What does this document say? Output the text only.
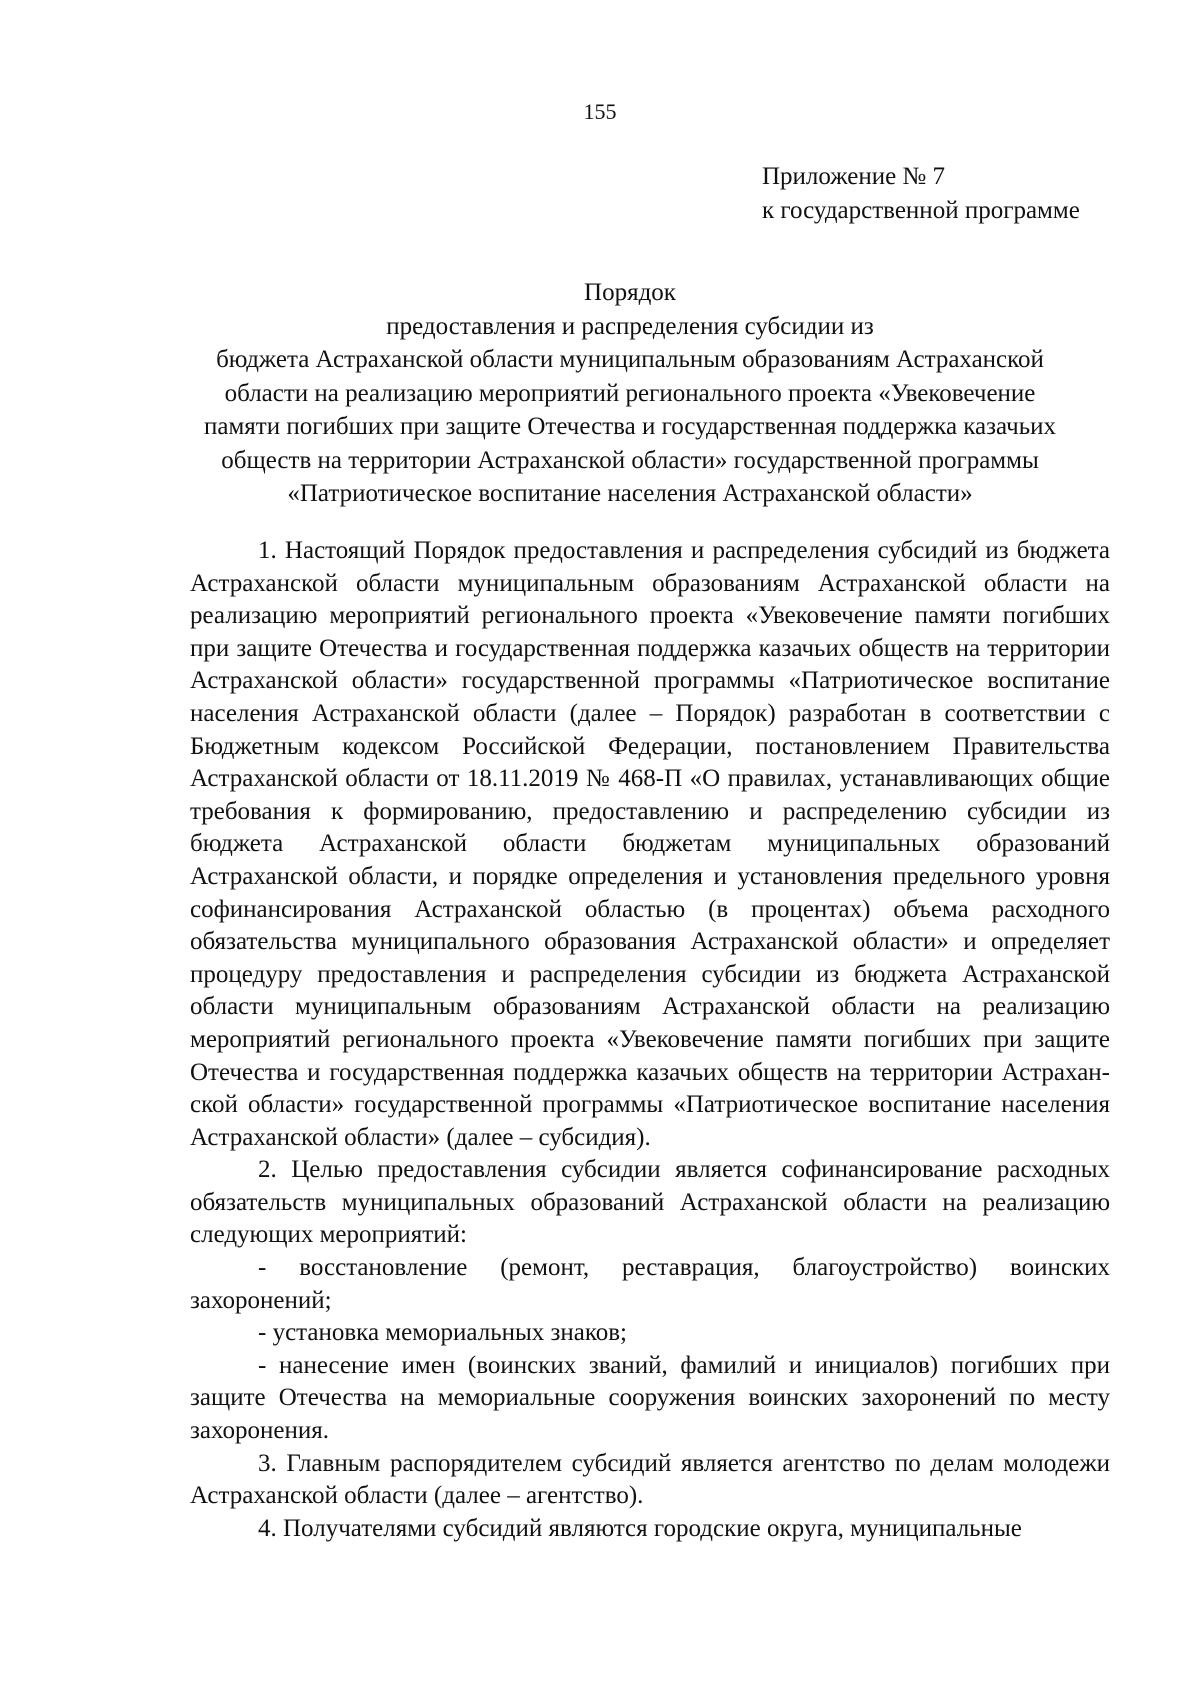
155
Приложение № 7
к государственной программе
Порядок
предоставления и распределения субсидии из
бюджета Астраханской области муниципальным образованиям Астраханской
области на реализацию мероприятий регионального проекта «Увековечение
памяти погибших при защите Отечества и государственная поддержка казачьих
обществ на территории Астраханской области» государственной программы
«Патриотическое воспитание населения Астраханской области»

1. Настоящий Порядок предоставления и распределения субсидий из бюджета Астраханской области муниципальным образованиям Астраханской области на реализацию мероприятий регионального проекта «Увековечение памяти погибших при защите Отечества и государственная поддержка казачьих обществ на территории Астраханской области» государственной программы «Патриотическое воспитание населения Астраханской области (далее – Порядок) разработан в соответствии с Бюджетным кодексом Российской Федерации, постановлением Правительства Астраханской области от 18.11.2019 № 468-П «О правилах, устанавливающих общие требования к формированию, предоставлению и распределению субсидии из бюджета Астраханской области бюджетам муниципальных образований Астраханской области, и порядке определения и установления предельного уровня софинансирования Астраханской областью (в процентах) объема расходного обязательства муниципального образования Астраханской области» и определяет процедуру предоставления и распределения субсидии из бюджета Астраханской области муниципальным образованиям Астраханской области на реализацию мероприятий регионального проекта «Увековечение памяти погибших при защите Отечества и государственная поддержка казачьих обществ на территории Астраханской области» государственной программы «Патриотическое воспитание населения Астраханской области» (далее – субсидия).

2. Целью предоставления субсидии является софинансирование расходных обязательств муниципальных образований Астраханской области на реализацию следующих мероприятий:

- восстановление (ремонт, реставрация, благоустройство) воинских захоронений;

- установка мемориальных знаков;

- нанесение имен (воинских званий, фамилий и инициалов) погибших при защите Отечества на мемориальные сооружения воинских захоронений по месту захоронения.

3. Главным распорядителем субсидий является агентство по делам молодежи Астраханской области (далее – агентство).

4. Получателями субсидий являются городские округа, муниципальные
